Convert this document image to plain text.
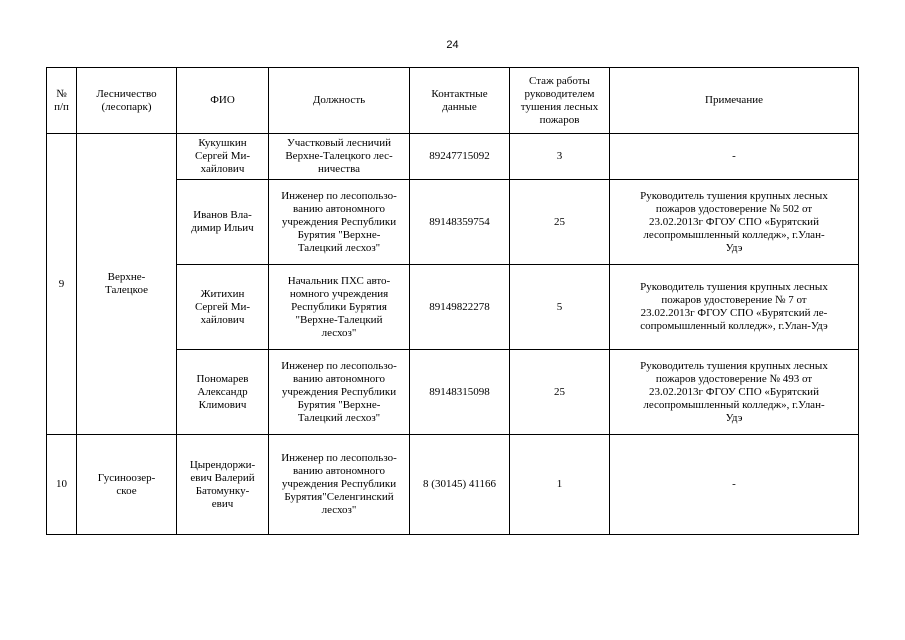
24
№
п/п	Лесничество
(лесопарк)	ФИО	Должность	Контактные
данные	Стаж работы
руководителем
тушения лесных
пожаров	Примечание
9	Верхне-
Талецкое	Кукушкин
Сергей Ми-
хайлович	Участковый лесничий
Верхне-Талецкого лес-
ничества	89247715092	3	-
		Иванов Вла-
димир Ильич	Инженер по лесопользо-
ванию автономного
учреждения Республики
Бурятия "Верхне-
Талецкий лесхоз"	89148359754	25	Руководитель тушения крупных лесных
пожаров удостоверение № 502 от
23.02.2013г ФГОУ СПО «Бурятский
лесопромышленный колледж», г.Улан-
Удэ
		Житихин
Сергей Ми-
хайлович	Начальник ПХС авто-
номного учреждения
Республики Бурятия
"Верхне-Талецкий
лесхоз"	89149822278	5	Руководитель тушения крупных лесных
пожаров удостоверение № 7 от
23.02.2013г ФГОУ СПО «Бурятский ле-
сопромышленный колледж», г.Улан-Удэ
		Пономарев
Александр
Климович	Инженер по лесопользо-
ванию автономного
учреждения Республики
Бурятия "Верхне-
Талецкий лесхоз"	89148315098	25	Руководитель тушения крупных лесных
пожаров удостоверение № 493 от
23.02.2013г ФГОУ СПО «Бурятский
лесопромышленный колледж», г.Улан-
Удэ
10	Гусиноозер-
ское	Цырендоржи-
евич Валерий
Батомунку-
евич	Инженер по лесопользо-
ванию автономного
учреждения Республики
Бурятия"Селенгинский
лесхоз"	8 (30145) 41166	1	-
